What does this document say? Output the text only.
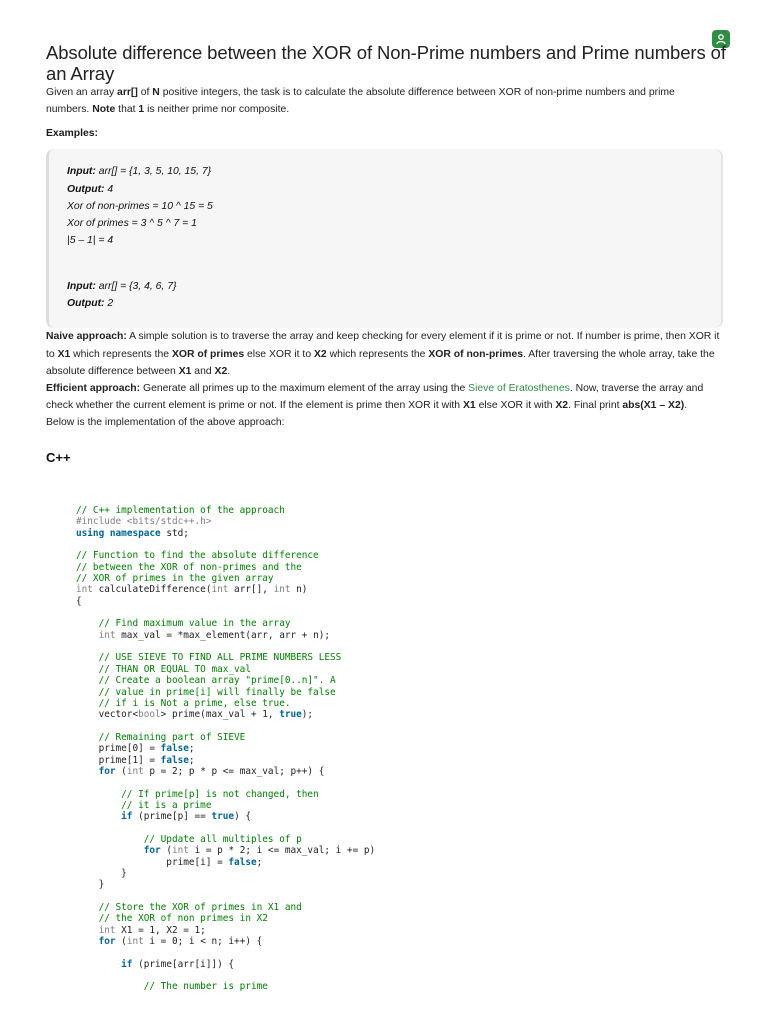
Absolute difference between the XOR of Non-Prime numbers and Prime numbers of an Array

Given an array arr[] of N positive integers, the task is to calculate the absolute difference between XOR of non-prime numbers and prime numbers. Note that 1 is neither prime nor composite.

Examples:
Input: arr[] = {1, 3, 5, 10, 15, 7}
Output: 4
Xor of non-primes = 10 ^ 15 = 5
Xor of primes = 3 ^ 5 ^ 7 = 1
|5 – 1| = 4
Input: arr[] = {3, 4, 6, 7}
Output: 2

Naive approach: A simple solution is to traverse the array and keep checking for every element if it is prime or not. If number is prime, then XOR it to X1 which represents the XOR of primes else XOR it to X2 which represents the XOR of non-primes. After traversing the whole array, take the absolute difference between X1 and X2.

Efficient approach: Generate all primes up to the maximum element of the array using the Sieve of Eratosthenes. Now, traverse the array and check whether the current element is prime or not. If the element is prime then XOR it with X1 else XOR it with X2. Final print abs(X1 – X2).

Below is the implementation of the above approach:

C++
// C++ implementation of the approach
#include <bits/stdc++.h>
using namespace std;

// Function to find the absolute difference
// between the XOR of non-primes and the
// XOR of primes in the given array
int calculateDifference(int arr[], int n)
{

// Find maximum value in the array
int max_val = *max_element(arr, arr + n);

// USE SIEVE TO FIND ALL PRIME NUMBERS LESS
// THAN OR EQUAL TO max_val
// Create a boolean array "prime[0..n]". A
// value in prime[i] will finally be false
// if i is Not a prime, else true.
vector<bool> prime(max_val + 1, true);

// Remaining part of SIEVE
prime[0] = false;
prime[1] = false;
for (int p = 2; p * p <= max_val; p++) {

// If prime[p] is not changed, then
// it is a prime
if (prime[p] == true) {

// Update all multiples of p
for (int i = p * 2; i <= max_val; i += p)
prime[i] = false;
}
}

// Store the XOR of primes in X1 and
// the XOR of non primes in X2
int X1 = 1, X2 = 1;
for (int i = 0; i < n; i++) {

if (prime[arr[i]]) {

// The number is prime
